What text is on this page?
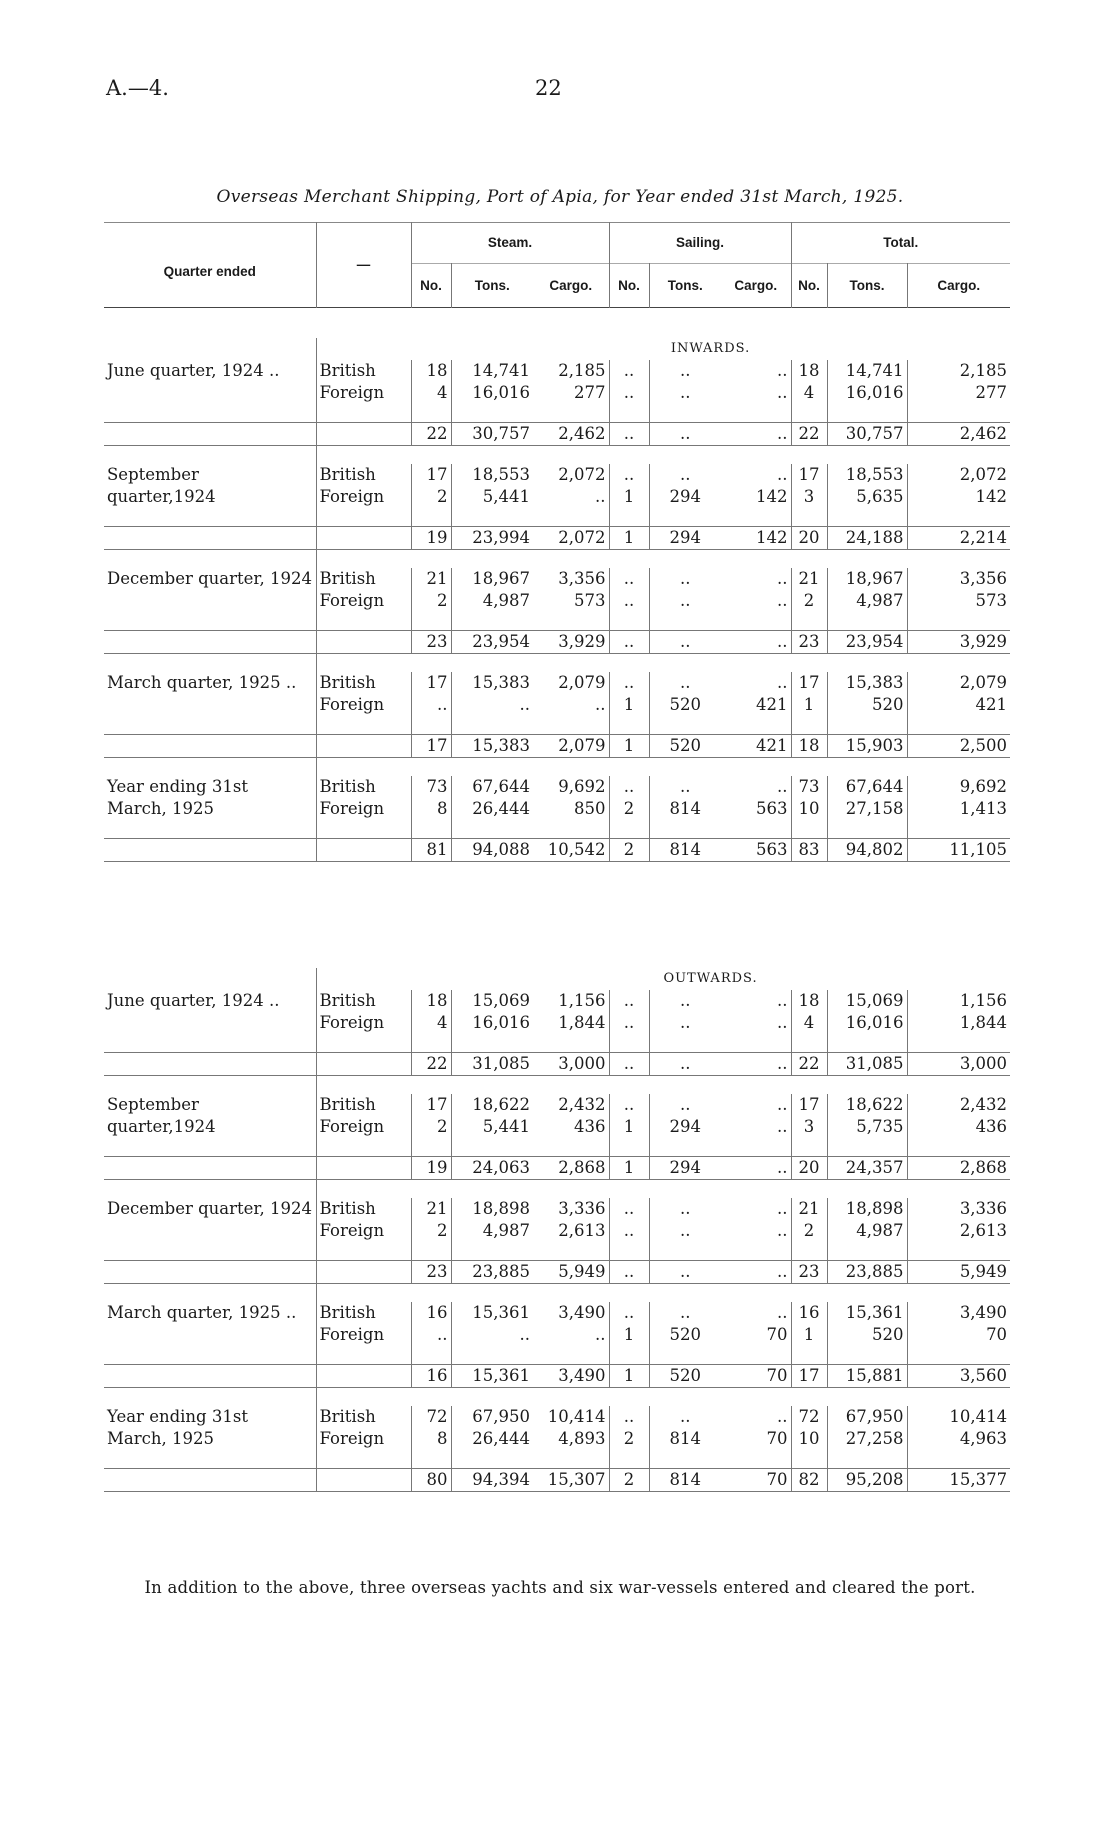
A.—4.	22
Overseas Merchant Shipping, Port of Apia, for Year ended 31st March, 1925.
Quarter ended	—	Steam.			Sailing.			Total.		
		No.	Tons.	Cargo.	No.	Tons.	Cargo.	No.	Tons.	Cargo.
		INWARDS.								
June quarter, 1924 ..	British	18	14,741	2,185	..	..	..	18	14,741	2,185
	Foreign	4	16,016	277	..	..	..	4	16,016	277

		22	30,757	2,462	..	..	..	22	30,757	2,462

September quarter,1924	British	17	18,553	2,072	..	..	..	17	18,553	2,072
	Foreign	2	5,441	..	1	294	142	3	5,635	142

		19	23,994	2,072	1	294	142	20	24,188	2,214

December quarter, 1924	British	21	18,967	3,356	..	..	..	21	18,967	3,356
	Foreign	2	4,987	573	..	..	..	2	4,987	573

		23	23,954	3,929	..	..	..	23	23,954	3,929

March quarter, 1925 ..	British	17	15,383	2,079	..	..	..	17	15,383	2,079
	Foreign	..	..	..	1	520	421	1	520	421

		17	15,383	2,079	1	520	421	18	15,903	2,500

Year ending 31st March, 1925	British	73	67,644	9,692	..	..	..	73	67,644	9,692
	Foreign	8	26,444	850	2	814	563	10	27,158	1,413

		81	94,088	10,542	2	814	563	83	94,802	11,105
		OUTWARDS.								
June quarter, 1924 ..	British	18	15,069	1,156	..	..	..	18	15,069	1,156
	Foreign	4	16,016	1,844	..	..	..	4	16,016	1,844

		22	31,085	3,000	..	..	..	22	31,085	3,000

September quarter,1924	British	17	18,622	2,432	..	..	..	17	18,622	2,432
	Foreign	2	5,441	436	1	294	..	3	5,735	436

		19	24,063	2,868	1	294	..	20	24,357	2,868

December quarter, 1924	British	21	18,898	3,336	..	..	..	21	18,898	3,336
	Foreign	2	4,987	2,613	..	..	..	2	4,987	2,613

		23	23,885	5,949	..	..	..	23	23,885	5,949

March quarter, 1925 ..	British	16	15,361	3,490	..	..	..	16	15,361	3,490
	Foreign	..	..	..	1	520	70	1	520	70

		16	15,361	3,490	1	520	70	17	15,881	3,560

Year ending 31st March, 1925	British	72	67,950	10,414	..	..	..	72	67,950	10,414
	Foreign	8	26,444	4,893	2	814	70	10	27,258	4,963

		80	94,394	15,307	2	814	70	82	95,208	15,377
In addition to the above, three overseas yachts and six war-vessels entered and cleared the port.
